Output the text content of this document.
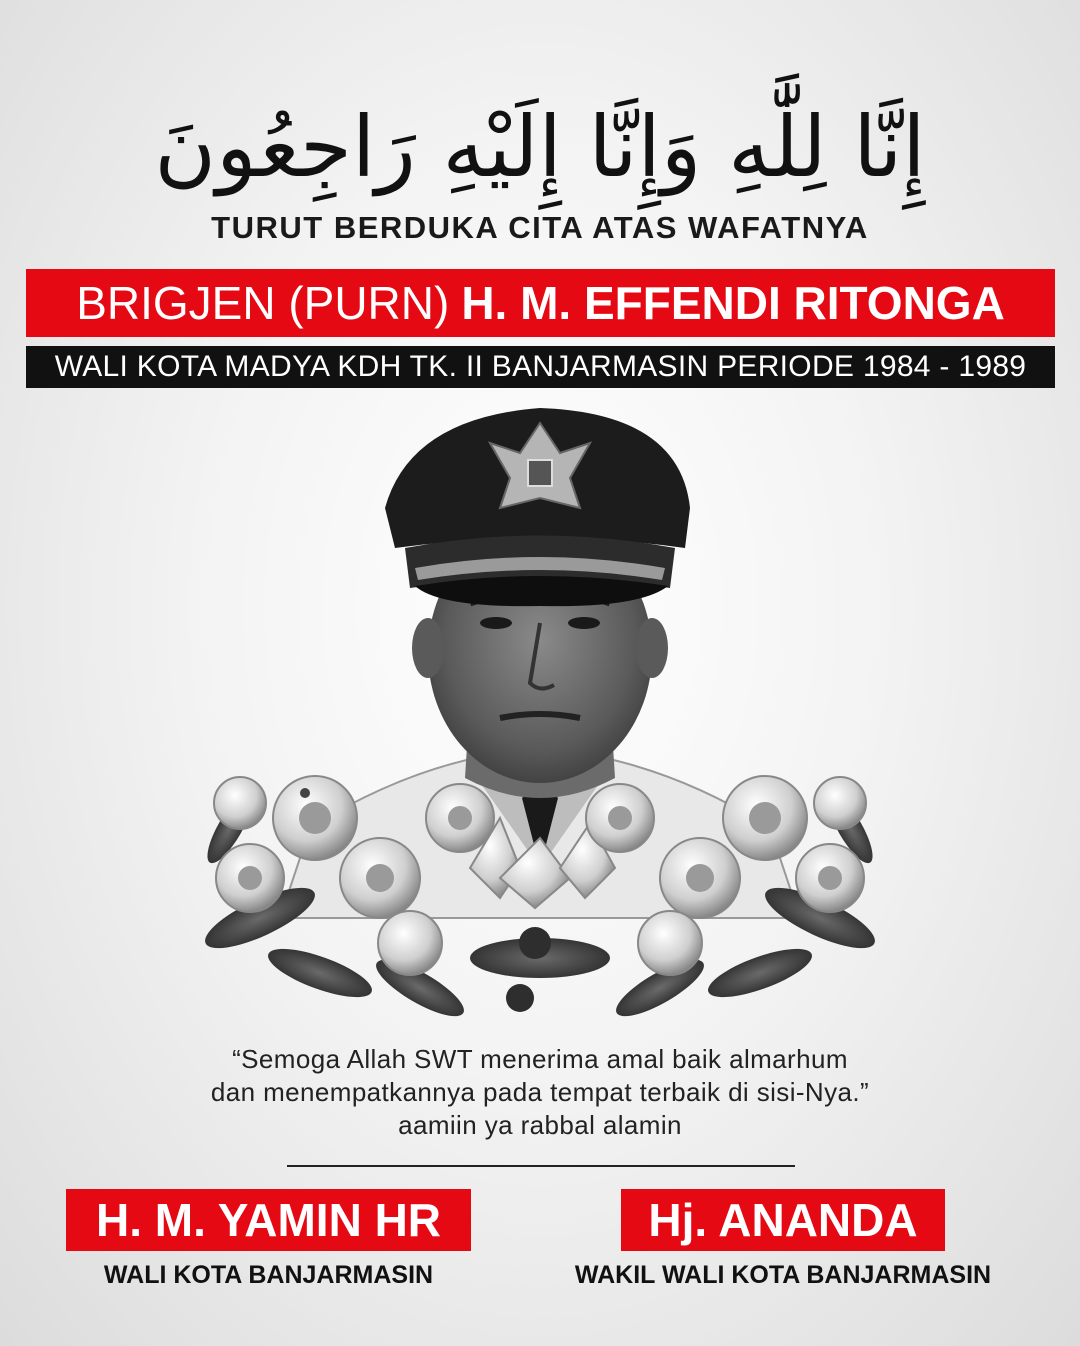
إِنَّا لِلَّٰهِ وَإِنَّا إِلَيْهِ رَاجِعُونَ
TURUT BERDUKA CITA ATAS WAFATNYA
BRIGJEN (PURN) H. M. EFFENDI RITONGA
WALI KOTA MADYA KDH TK. II BANJARMASIN PERIODE 1984 - 1989
“Semoga Allah SWT menerima amal baik almarhum
dan menempatkannya pada tempat terbaik di sisi-Nya.”
aamiin ya rabbal alamin
H. M. YAMIN HR
WALI KOTA BANJARMASIN
Hj. ANANDA
WAKIL WALI KOTA BANJARMASIN
